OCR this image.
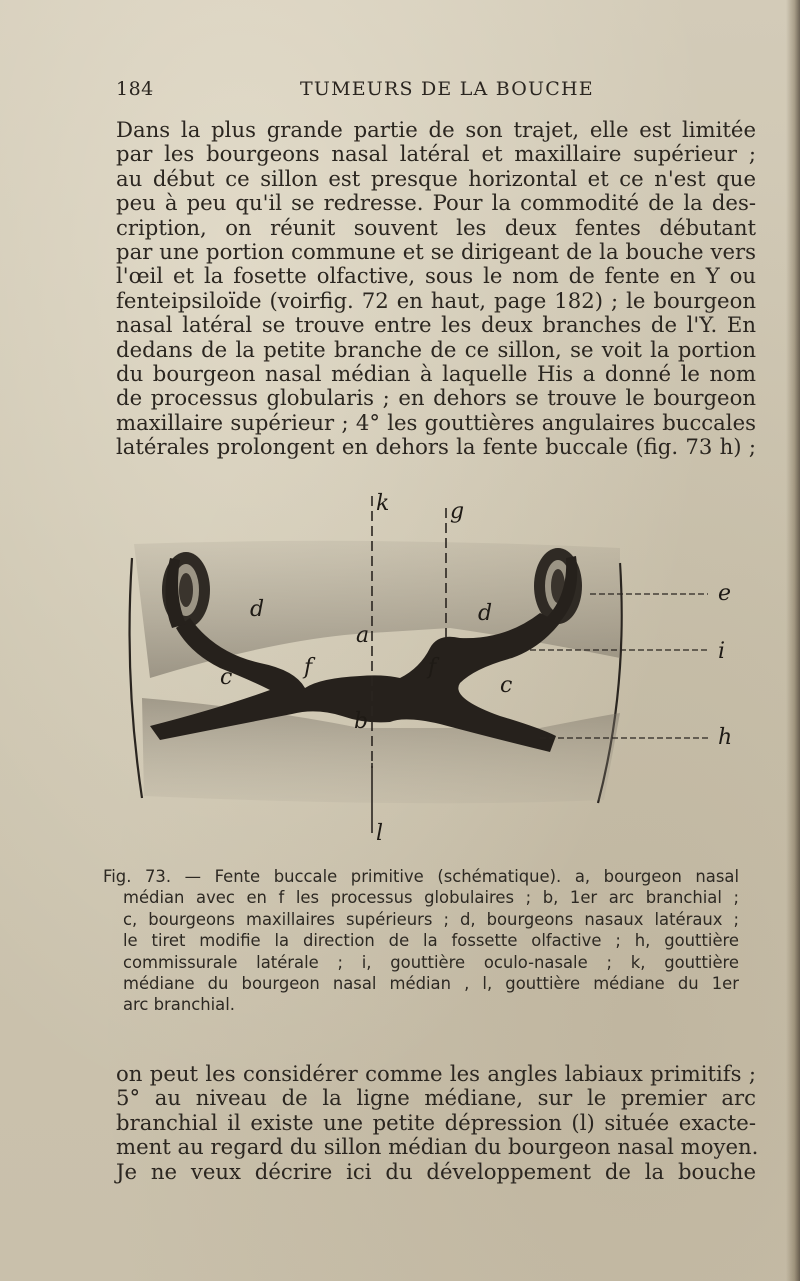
184	TUMEURS DE LA BOUCHE
Dans la plus grande partie de son trajet, elle est limitée
par les bourgeons nasal latéral et maxillaire supérieur ;
au début ce sillon est presque horizontal et ce n'est que
peu à peu qu'il se redresse. Pour la commodité de la des-
cription, on réunit souvent les deux fentes débutant
par une portion commune et se dirigeant de la bouche vers
l'œil et la fosette olfactive, sous le nom de fente en Y ou
fenteipsiloïde (voirfig. 72 en haut, page 182) ; le bourgeon
nasal latéral se trouve entre les deux branches de l'Y. En
dedans de la petite branche de ce sillon, se voit la portion
du bourgeon nasal médian à laquelle His a donné le nom
de processus globularis ; en dehors se trouve le bourgeon
maxillaire supérieur ; 4° les gouttières angulaires buccales
latérales prolongent en dehors la fente buccale (fig. 73 h) ;
k	g
d	d
a
c	c
f	f
b
e
i
h
l
Fig. 73. — Fente buccale primitive (schématique). a, bourgeon nasal
médian avec en f les processus globulaires ; b, 1er arc branchial ;
c, bourgeons maxillaires supérieurs ; d, bourgeons nasaux latéraux ;
le tiret modifie la direction de la fossette olfactive ; h, gouttière
commissurale latérale ; i, gouttière oculo-nasale ; k, gouttière
médiane du bourgeon nasal médian , l, gouttière médiane du 1er
arc branchial.
on peut les considérer comme les angles labiaux primitifs ;
5° au niveau de la ligne médiane, sur le premier arc
branchial il existe une petite dépression (l) située exacte-
ment au regard du sillon médian du bourgeon nasal moyen.
Je ne veux décrire ici du développement de la bouche
